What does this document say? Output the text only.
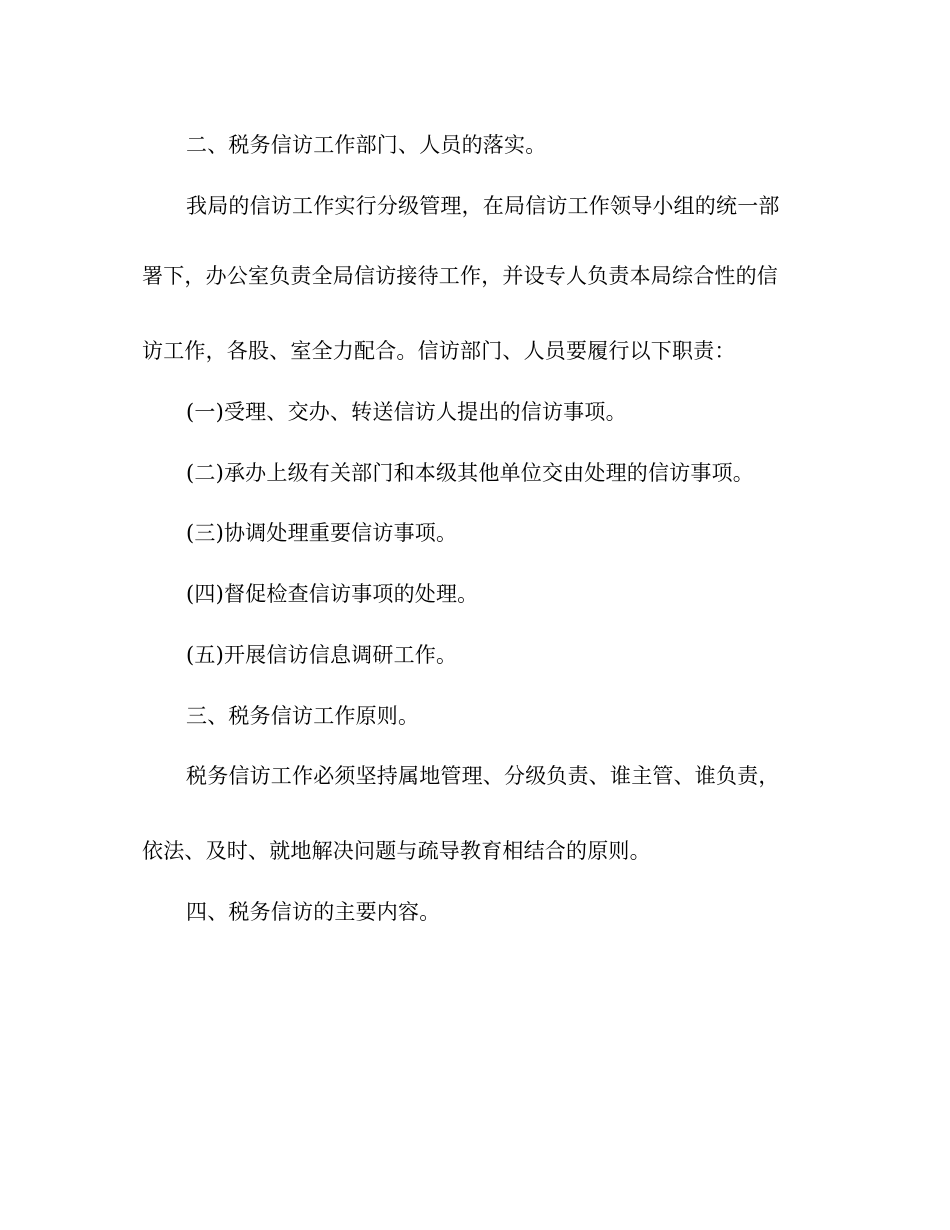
二、税务信访工作部门、人员的落实。
我局的信访工作实行分级管理，在局信访工作领导小组的统一部
署下，办公室负责全局信访接待工作，并设专人负责本局综合性的信
访工作，各股、室全力配合。信访部门、人员要履行以下职责：
(一)受理、交办、转送信访人提出的信访事项。
(二)承办上级有关部门和本级其他单位交由处理的信访事项。
(三)协调处理重要信访事项。
(四)督促检查信访事项的处理。
(五)开展信访信息调研工作。
三、税务信访工作原则。
税务信访工作必须坚持属地管理、分级负责、谁主管、谁负责，
依法、及时、就地解决问题与疏导教育相结合的原则。
四、税务信访的主要内容。
